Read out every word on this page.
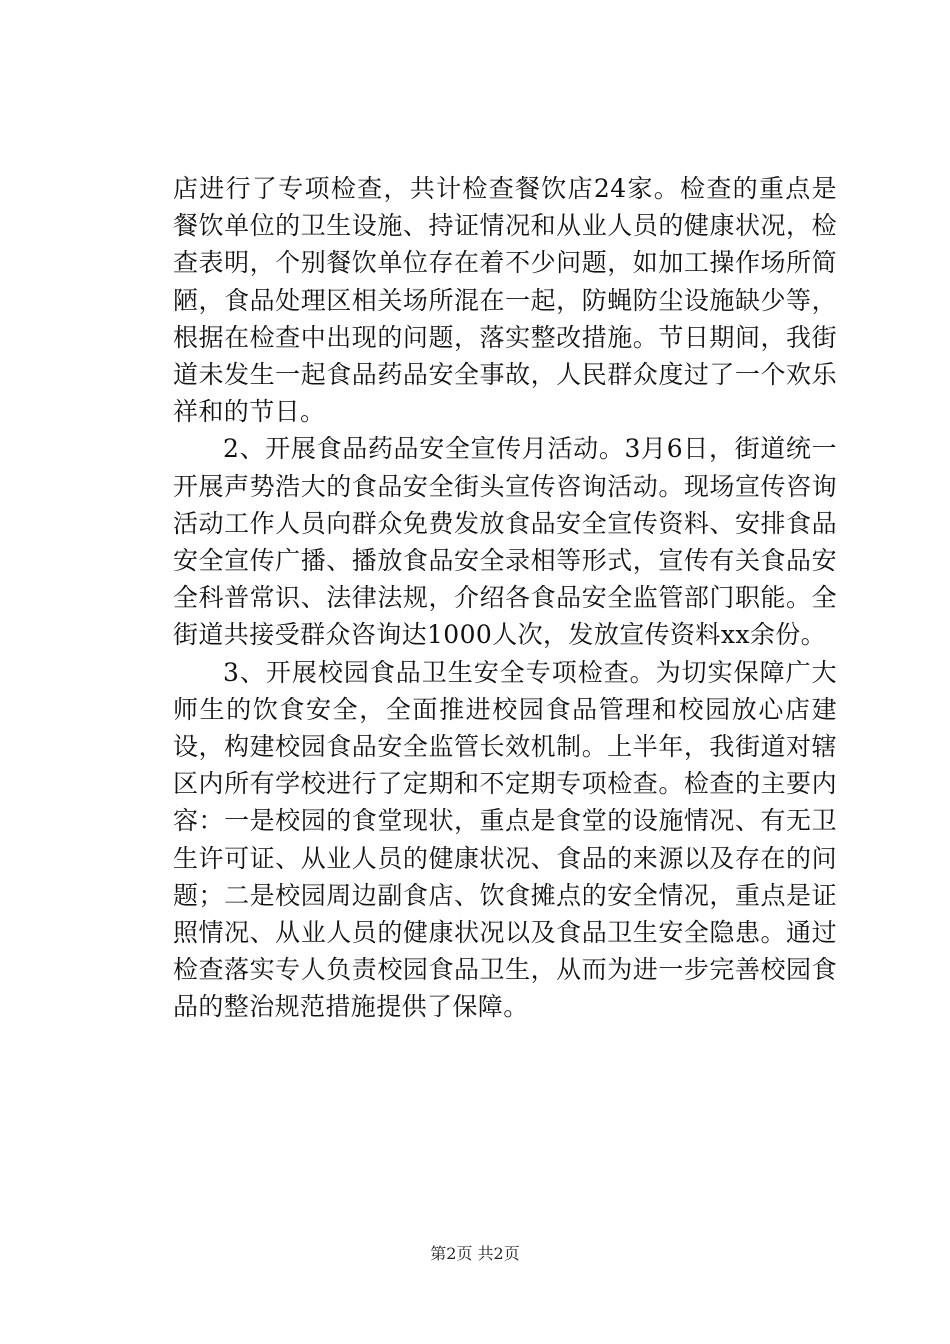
店进行了专项检查，共计检查餐饮店24家。检查的重点是餐饮单位的卫生设施、持证情况和从业人员的健康状况，检查表明，个别餐饮单位存在着不少问题，如加工操作场所简陋，食品处理区相关场所混在一起，防蝇防尘设施缺少等，根据在检查中出现的问题，落实整改措施。节日期间，我街道未发生一起食品药品安全事故，人民群众度过了一个欢乐祥和的节日。

2、开展食品药品安全宣传月活动。3月6日，街道统一开展声势浩大的食品安全街头宣传咨询活动。现场宣传咨询活动工作人员向群众免费发放食品安全宣传资料、安排食品安全宣传广播、播放食品安全录相等形式，宣传有关食品安全科普常识、法律法规，介绍各食品安全监管部门职能。全街道共接受群众咨询达1000人次，发放宣传资料xx余份。

3、开展校园食品卫生安全专项检查。为切实保障广大师生的饮食安全，全面推进校园食品管理和校园放心店建设，构建校园食品安全监管长效机制。上半年，我街道对辖区内所有学校进行了定期和不定期专项检查。检查的主要内容：一是校园的食堂现状，重点是食堂的设施情况、有无卫生许可证、从业人员的健康状况、食品的来源以及存在的问题；二是校园周边副食店、饮食摊点的安全情况，重点是证照情况、从业人员的健康状况以及食品卫生安全隐患。通过检查落实专人负责校园食品卫生，从而为进一步完善校园食品的整治规范措施提供了保障。

第2页 共2页
